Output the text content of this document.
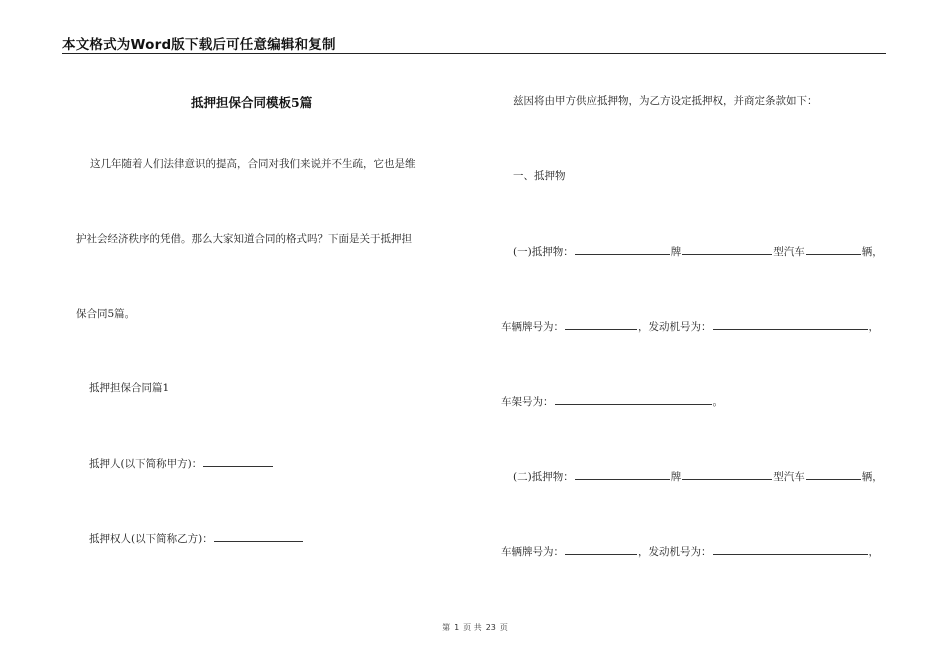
本文格式为Word版下载后可任意编辑和复制
抵押担保合同模板5篇
这几年随着人们法律意识的提高，合同对我们来说并不生疏，它也是维
护社会经济秩序的凭借。那么大家知道合同的格式吗？下面是关于抵押担
保合同5篇。
抵押担保合同篇1
抵押人(以下简称甲方)：
抵押权人(以下简称乙方)：
兹因将由甲方供应抵押物，为乙方设定抵押权，并商定条款如下：
一、抵押物
(一)抵押物：	牌	型汽车	辆，
车辆牌号为：	，发动机号为：	，
车架号为：	。
(二)抵押物：	牌	型汽车	辆，
车辆牌号为：	，发动机号为：	，
第 1 页 共 23 页
